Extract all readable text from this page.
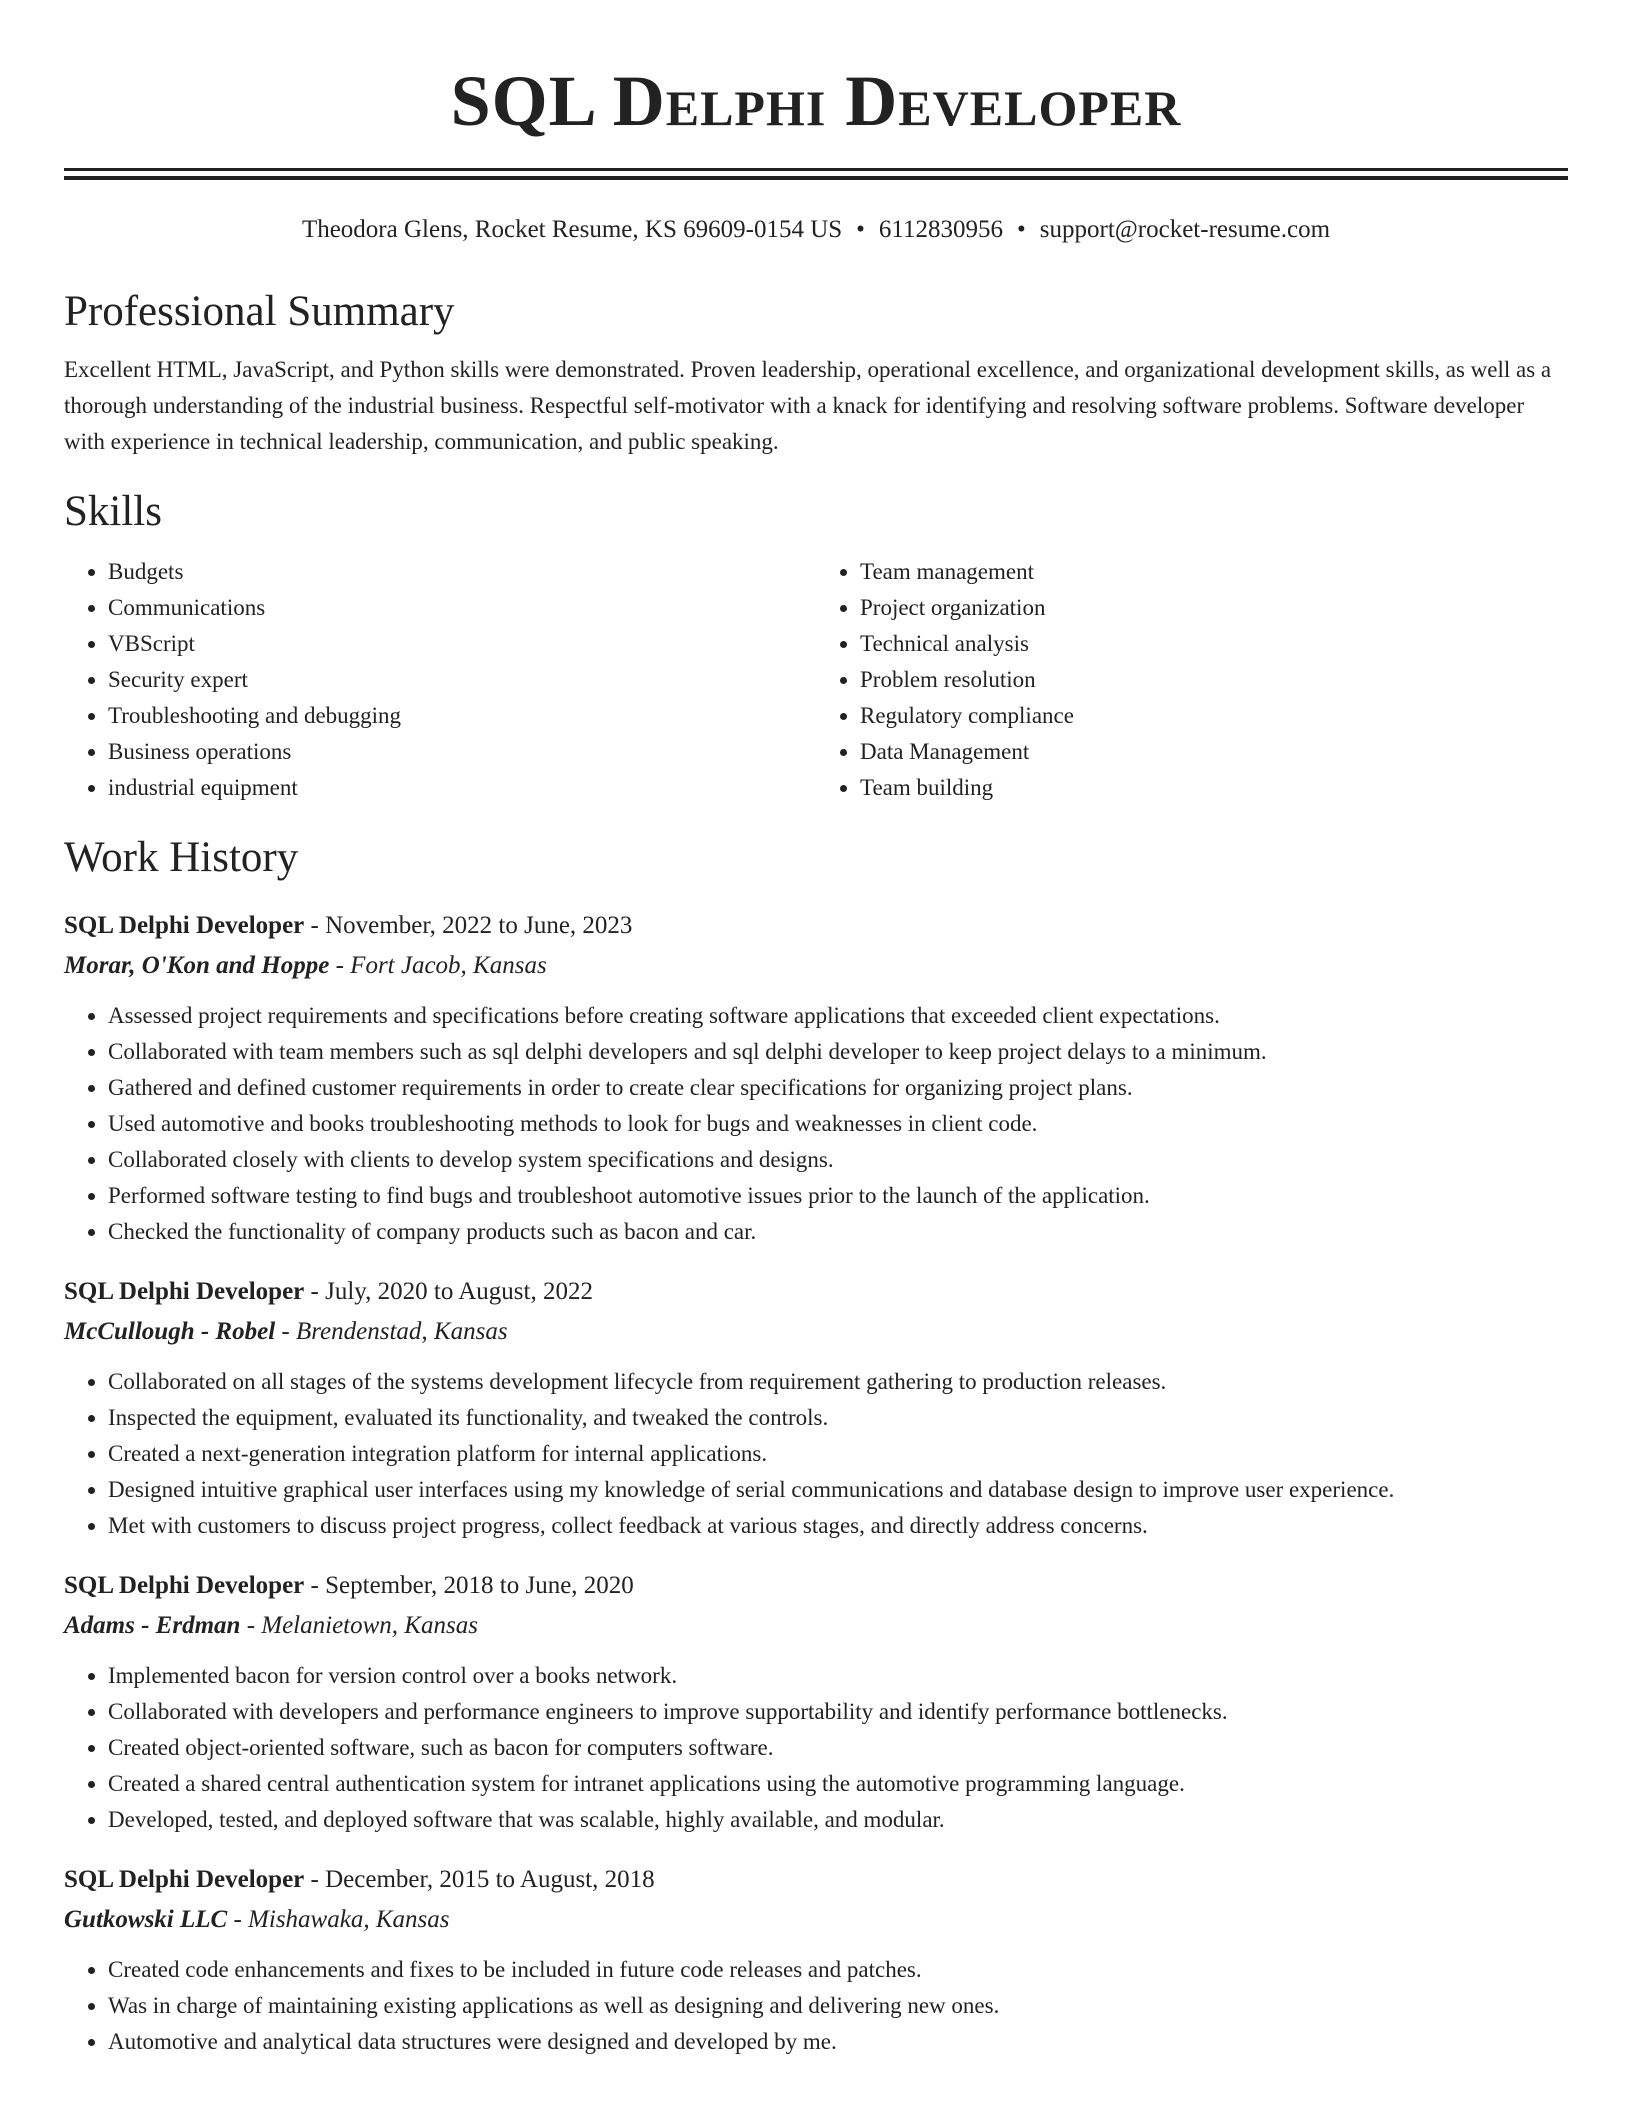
SQL Delphi Developer
Theodora Glens, Rocket Resume, KS 69609-0154 US • 6112830956 • support@rocket-resume.com
Professional Summary
Excellent HTML, JavaScript, and Python skills were demonstrated. Proven leadership, operational excellence, and organizational development skills, as well as a thorough understanding of the industrial business. Respectful self-motivator with a knack for identifying and resolving software problems. Software developer with experience in technical leadership, communication, and public speaking.
Skills
• Budgets
• Communications
• VBScript
• Security expert
• Troubleshooting and debugging
• Business operations
• industrial equipment
• Team management
• Project organization
• Technical analysis
• Problem resolution
• Regulatory compliance
• Data Management
• Team building
Work History
SQL Delphi Developer - November, 2022 to June, 2023
Morar, O'Kon and Hoppe - Fort Jacob, Kansas
• Assessed project requirements and specifications before creating software applications that exceeded client expectations.
• Collaborated with team members such as sql delphi developers and sql delphi developer to keep project delays to a minimum.
• Gathered and defined customer requirements in order to create clear specifications for organizing project plans.
• Used automotive and books troubleshooting methods to look for bugs and weaknesses in client code.
• Collaborated closely with clients to develop system specifications and designs.
• Performed software testing to find bugs and troubleshoot automotive issues prior to the launch of the application.
• Checked the functionality of company products such as bacon and car.
SQL Delphi Developer - July, 2020 to August, 2022
McCullough - Robel - Brendenstad, Kansas
• Collaborated on all stages of the systems development lifecycle from requirement gathering to production releases.
• Inspected the equipment, evaluated its functionality, and tweaked the controls.
• Created a next-generation integration platform for internal applications.
• Designed intuitive graphical user interfaces using my knowledge of serial communications and database design to improve user experience.
• Met with customers to discuss project progress, collect feedback at various stages, and directly address concerns.
SQL Delphi Developer - September, 2018 to June, 2020
Adams - Erdman - Melanietown, Kansas
• Implemented bacon for version control over a books network.
• Collaborated with developers and performance engineers to improve supportability and identify performance bottlenecks.
• Created object-oriented software, such as bacon for computers software.
• Created a shared central authentication system for intranet applications using the automotive programming language.
• Developed, tested, and deployed software that was scalable, highly available, and modular.
SQL Delphi Developer - December, 2015 to August, 2018
Gutkowski LLC - Mishawaka, Kansas
• Created code enhancements and fixes to be included in future code releases and patches.
• Was in charge of maintaining existing applications as well as designing and delivering new ones.
• Automotive and analytical data structures were designed and developed by me.
